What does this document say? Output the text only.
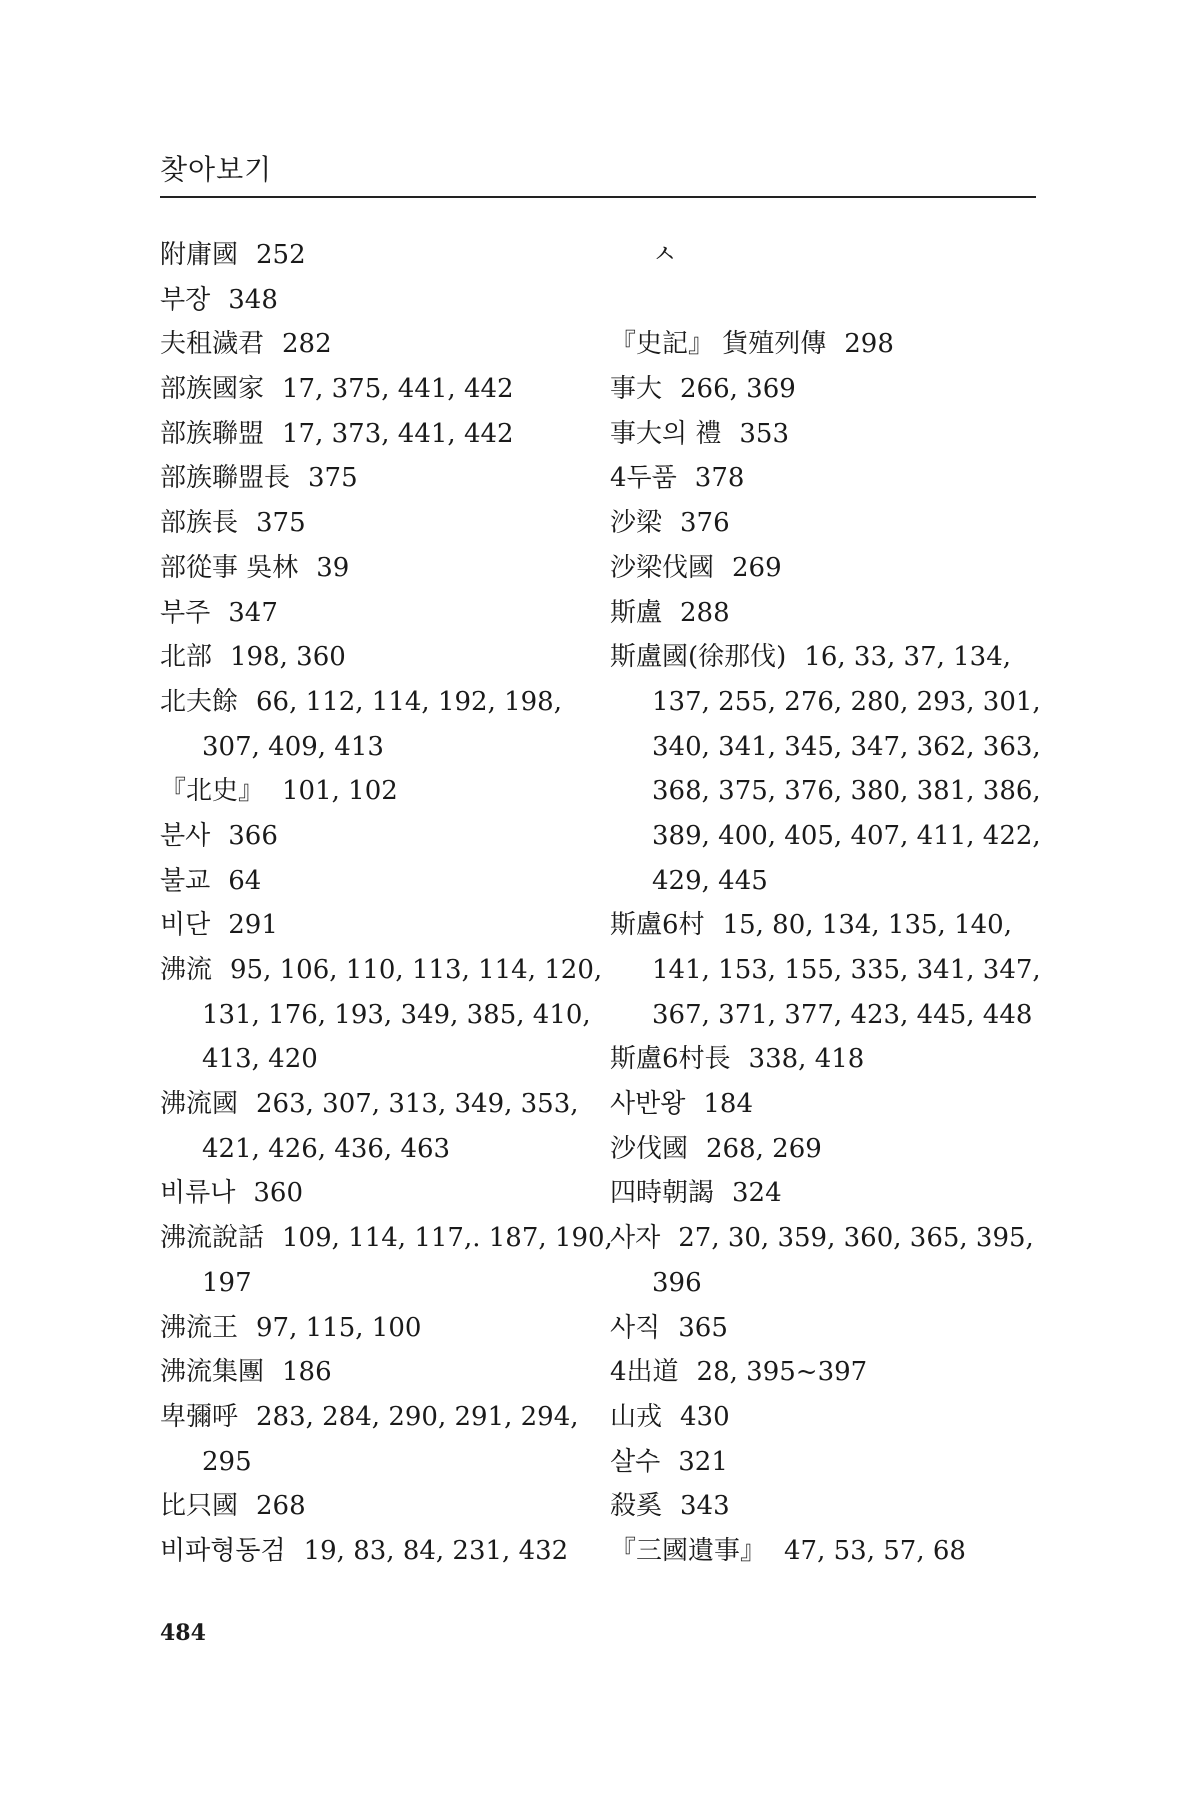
찾아보기
附庸國 252
부장 348
夫租濊君 282
部族國家 17, 375, 441, 442
部族聯盟 17, 373, 441, 442
部族聯盟長 375
部族長 375
部從事 吳林 39
부주 347
北部 198, 360
北夫餘 66, 112, 114, 192, 198,
307, 409, 413
『北史』 101, 102
분사 366
불교 64
비단 291
沸流 95, 106, 110, 113, 114, 120,
131, 176, 193, 349, 385, 410,
413, 420
沸流國 263, 307, 313, 349, 353,
421, 426, 436, 463
비류나 360
沸流說話 109, 114, 117,. 187, 190,
197
沸流王 97, 115, 100
沸流集團 186
卑彌呼 283, 284, 290, 291, 294,
295
比只國 268
비파형동검 19, 83, 84, 231, 432
ㅅ
『史記』 貨殖列傳 298
事大 266, 369
事大의 禮 353
4두품 378
沙梁 376
沙梁伐國 269
斯盧 288
斯盧國(徐那伐) 16, 33, 37, 134,
137, 255, 276, 280, 293, 301,
340, 341, 345, 347, 362, 363,
368, 375, 376, 380, 381, 386,
389, 400, 405, 407, 411, 422,
429, 445
斯盧6村 15, 80, 134, 135, 140,
141, 153, 155, 335, 341, 347,
367, 371, 377, 423, 445, 448
斯盧6村長 338, 418
사반왕 184
沙伐國 268, 269
四時朝謁 324
사자 27, 30, 359, 360, 365, 395,
396
사직 365
4出道 28, 395~397
山戎 430
살수 321
殺奚 343
『三國遺事』 47, 53, 57, 68
484
